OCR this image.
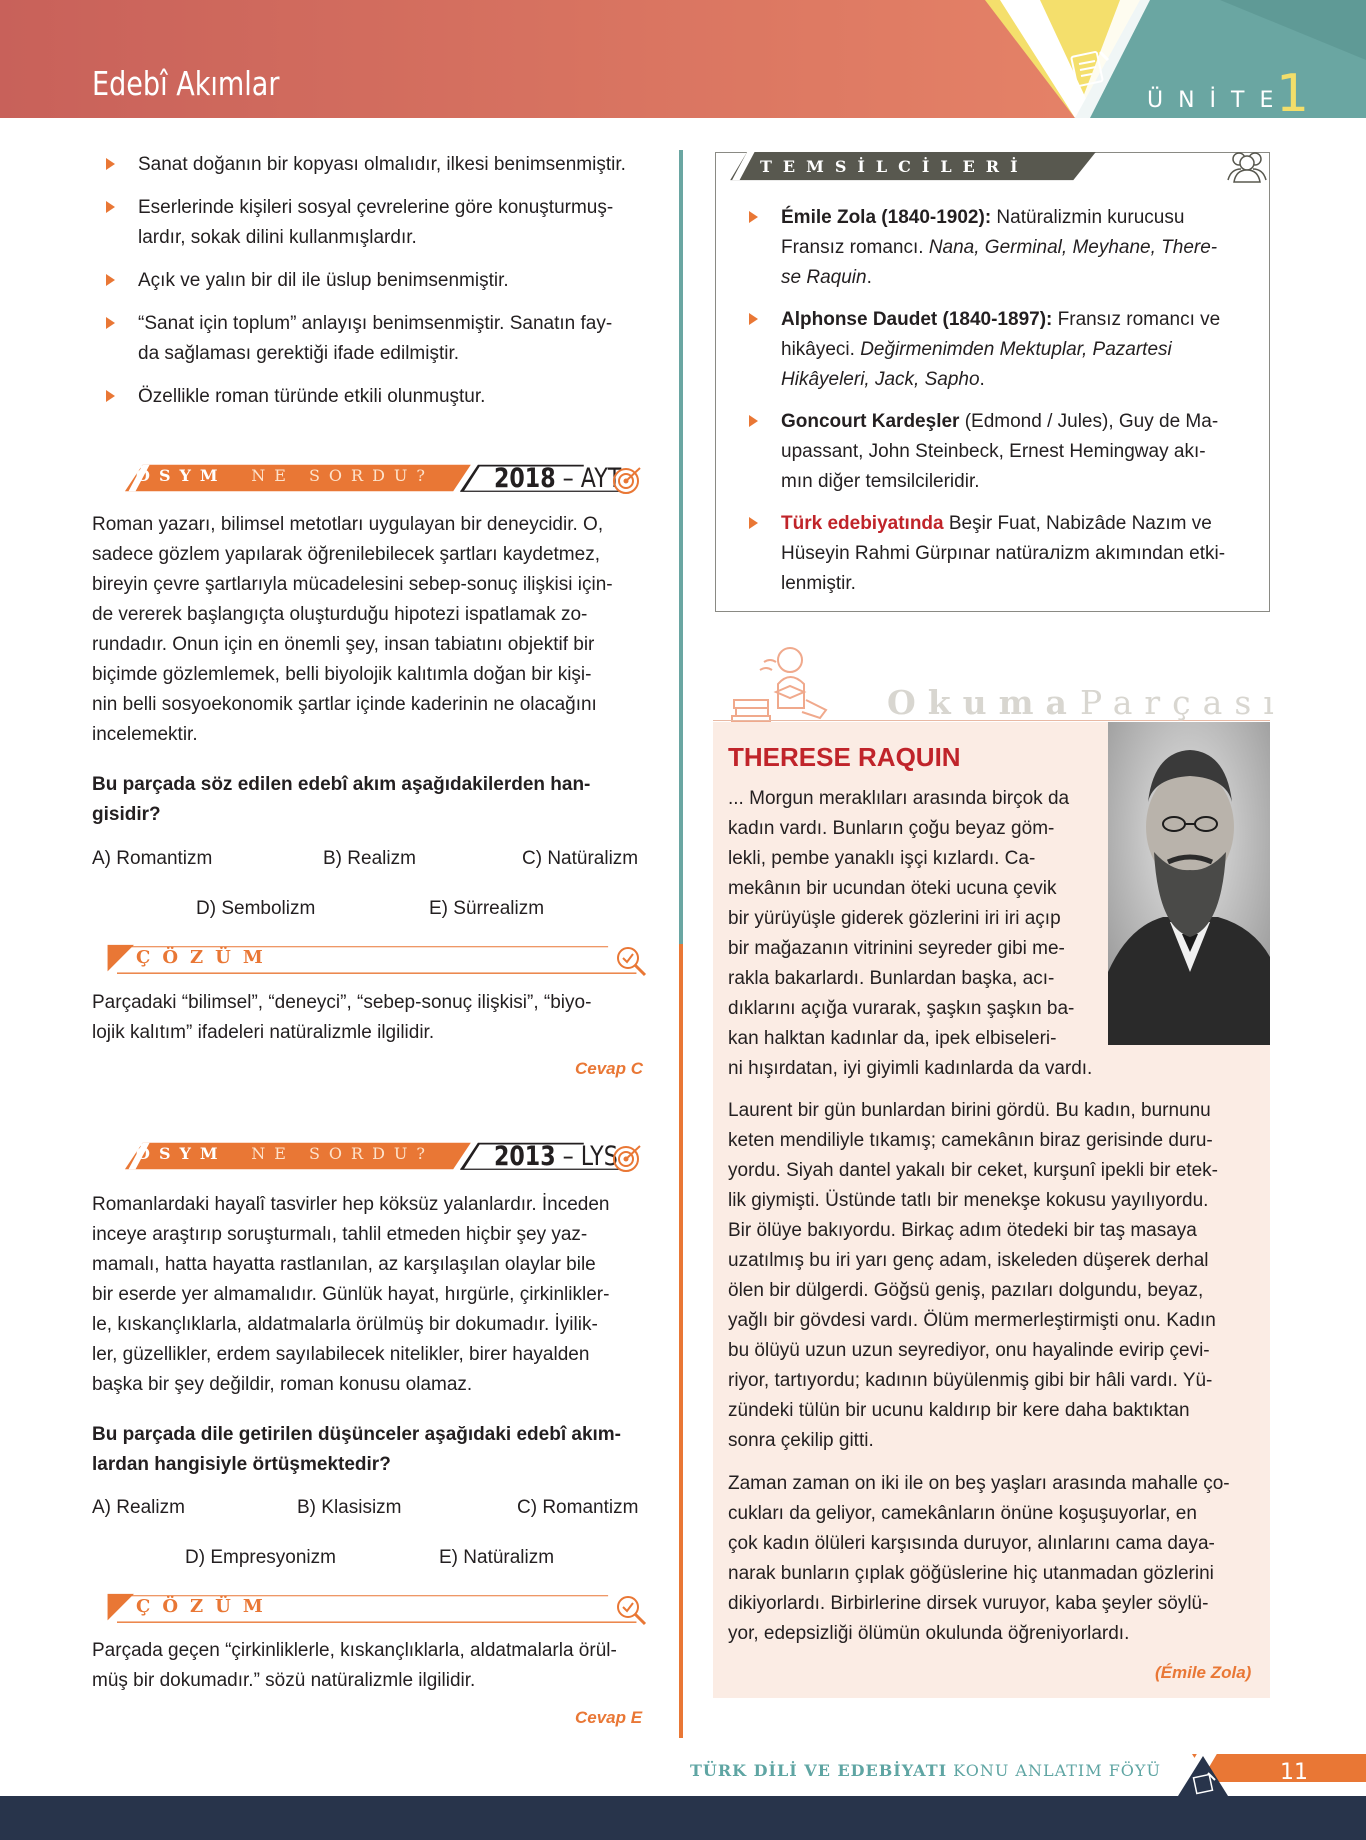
Edebî Akımlar	ÜNİTE
1
Sanat doğanın bir kopyası olmalıdır, ilkesi benimsenmiştir.
Eserlerinde kişileri sosyal çevrelerine göre konuşturmuş-
lardır, sokak dilini kullanmışlardır.
Açık ve yalın bir dil ile üslup benimsenmiştir.
“Sanat için toplum” anlayışı benimsenmiştir. Sanatın fay-
da sağlaması gerektiği ifade edilmiştir.
Özellikle roman türünde etkili olunmuştur.
ÖSYM NE SORDU? 2018 – AYT
Roman yazarı, bilimsel metotları uygulayan bir deneycidir. O,
sadece gözlem yapılarak öğrenilebilecek şartları kaydetmez,
bireyin çevre şartlarıyla mücadelesini sebep-sonuç ilişkisi için-
de vererek başlangıçta oluşturduğu hipotezi ispatlamak zo-
rundadır. Onun için en önemli şey, insan tabiatını objektif bir
biçimde gözlemlemek, belli biyolojik kalıtımla doğan bir kişi-
nin belli sosyoekonomik şartlar içinde kaderinin ne olacağını
incelemektir.
Bu parçada söz edilen edebî akım aşağıdakilerden han-
gisidir?
A) Romantizm	B) Realizm	C) Natüralizm
D) Sembolizm	E) Sürrealizm
ÇÖZÜM
Parçadaki “bilimsel”, “deneyci”, “sebep-sonuç ilişkisi”, “biyo-
lojik kalıtım” ifadeleri natüralizmle ilgilidir.
Cevap C
ÖSYM NE SORDU? 2013 – LYS
Romanlardaki hayalî tasvirler hep köksüz yalanlardır. İnceden
inceye araştırıp soruşturmalı, tahlil etmeden hiçbir şey yaz-
mamalı, hatta hayatta rastlanılan, az karşılaşılan olaylar bile
bir eserde yer almamalıdır. Günlük hayat, hırgürle, çirkinlikler-
le, kıskançlıklarla, aldatmalarla örülmüş bir dokumadır. İyilik-
ler, güzellikler, erdem sayılabilecek nitelikler, birer hayalden
başka bir şey değildir, roman konusu olamaz.
Bu parçada dile getirilen düşünceler aşağıdaki edebî akım-
lardan hangisiyle örtüşmektedir?
A) Realizm	B) Klasisizm	C) Romantizm
D) Empresyonizm	E) Natüralizm
ÇÖZÜM
Parçada geçen “çirkinliklerle, kıskançlıklarla, aldatmalarla örül-
müş bir dokumadır.” sözü natüralizmle ilgilidir.
Cevap E
TEMSİLCİLERİ
Émile Zola (1840-1902): Natüralizmin kurucusu
Fransız romancı. Nana, Germinal, Meyhane, There-
se Raquin.
Alphonse Daudet (1840-1897): Fransız romancı ve
hikâyeci. Değirmenimden Mektuplar, Pazartesi
Hikâyeleri, Jack, Sapho.
Goncourt Kardeşler (Edmond / Jules), Guy de Ma-
upassant, John Steinbeck, Ernest Hemingway akı-
mın diğer temsilcileridir.
Türk edebiyatında Beşir Fuat, Nabizâde Nazım ve
Hüseyin Rahmi Gürpınar natürалizm akımından etki-
lenmiştir.
Okuma Parçası
THERESE RAQUIN
... Morgun meraklıları arasında birçok da
kadın vardı. Bunların çoğu beyaz göm-
lekli, pembe yanaklı işçi kızlardı. Ca-
mekânın bir ucundan öteki ucuna çevik
bir yürüyüşle giderek gözlerini iri iri açıp
bir mağazanın vitrinini seyreder gibi me-
rakla bakarlardı. Bunlardan başka, acı-
dıklarını açığa vurarak, şaşkın şaşkın ba-
kan halktan kadınlar da, ipek elbiseleri-
ni hışırdatan, iyi giyimli kadınlarda da vardı.
Laurent bir gün bunlardan birini gördü. Bu kadın, burnunu
keten mendiliyle tıkamış; camekânın biraz gerisinde duru-
yordu. Siyah dantel yakalı bir ceket, kurşunî ipekli bir etek-
lik giymişti. Üstünde tatlı bir menekşe kokusu yayılıyordu.
Bir ölüye bakıyordu. Birkaç adım ötedeki bir taş masaya
uzatılmış bu iri yarı genç adam, iskeleden düşerek derhal
ölen bir dülgerdi. Göğsü geniş, pazıları dolgundu, beyaz,
yağlı bir gövdesi vardı. Ölüm mermerleştirmişti onu. Kadın
bu ölüyü uzun uzun seyrediyor, onu hayalinde evirip çevi-
riyor, tartıyordu; kadının büyülenmiş gibi bir hâli vardı. Yü-
zündeki tülün bir ucunu kaldırıp bir kere daha baktıktan
sonra çekilip gitti.
Zaman zaman on iki ile on beş yaşları arasında mahalle ço-
cukları da geliyor, camekânların önüne koşuşuyorlar, en
çok kadın ölüleri karşısında duruyor, alınlarını cama daya-
narak bunların çıplak göğüslerine hiç utanmadan gözlerini
dikiyorlardı. Birbirlerine dirsek vuruyor, kaba şeyler söylü-
yor, edepsizliği ölümün okulunda öğreniyorlardı.
(Émile Zola)
TÜRK DİLİ VE EDEBİYATI KONU ANLATIM FÖYÜ	11
